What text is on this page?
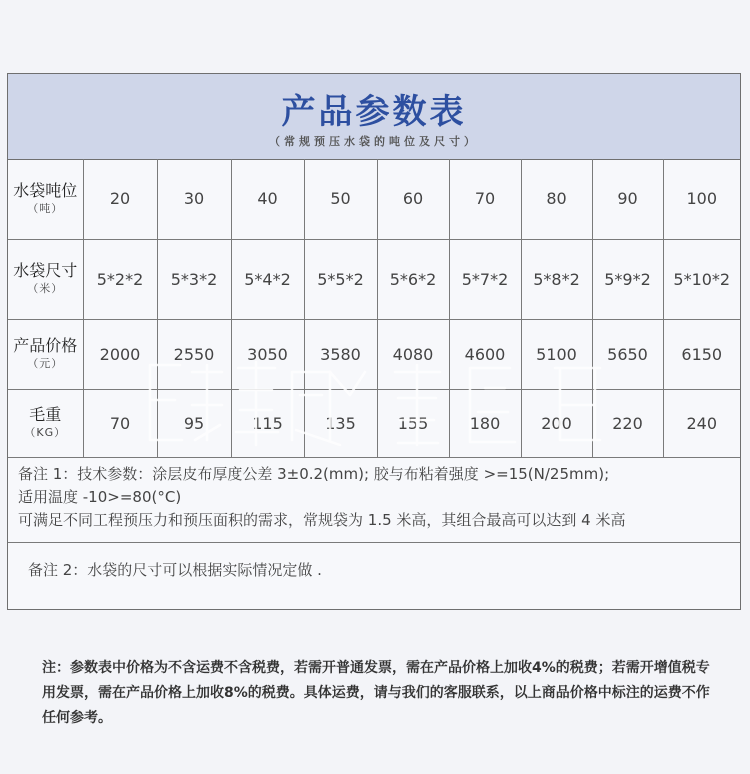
产品参数表
（常规预压水袋的吨位及尺寸）
水袋吨位
（吨）	20	30	40	50	60	70	80	90	100

水袋尺寸
（米）	5*2*2	5*3*2	5*4*2	5*5*2	5*6*2	5*7*2	5*8*2	5*9*2	5*10*2

产品价格
（元）	2000	2550	3050	3580	4080	4600	5100	5650	6150

毛重
（KG）	70	95	115	135	155	180	200	220	240
备注 1：技术参数：涂层皮布厚度公差 3±0.2(mm); 胶与布粘着强度 >=15(N/25mm);
适用温度 -10>=80(°C)
可满足不同工程预压力和预压面积的需求，常规袋为 1.5 米高，其组合最高可以达到 4 米高
备注 2：水袋的尺寸可以根据实际情况定做 .
注：参数表中价格为不含运费不含税费，若需开普通发票，需在产品价格上加收4%的税费；若需开增值税专用发票，需在产品价格上加收8%的税费。具体运费，请与我们的客服联系，以上商品价格中标注的运费不作任何参考。
